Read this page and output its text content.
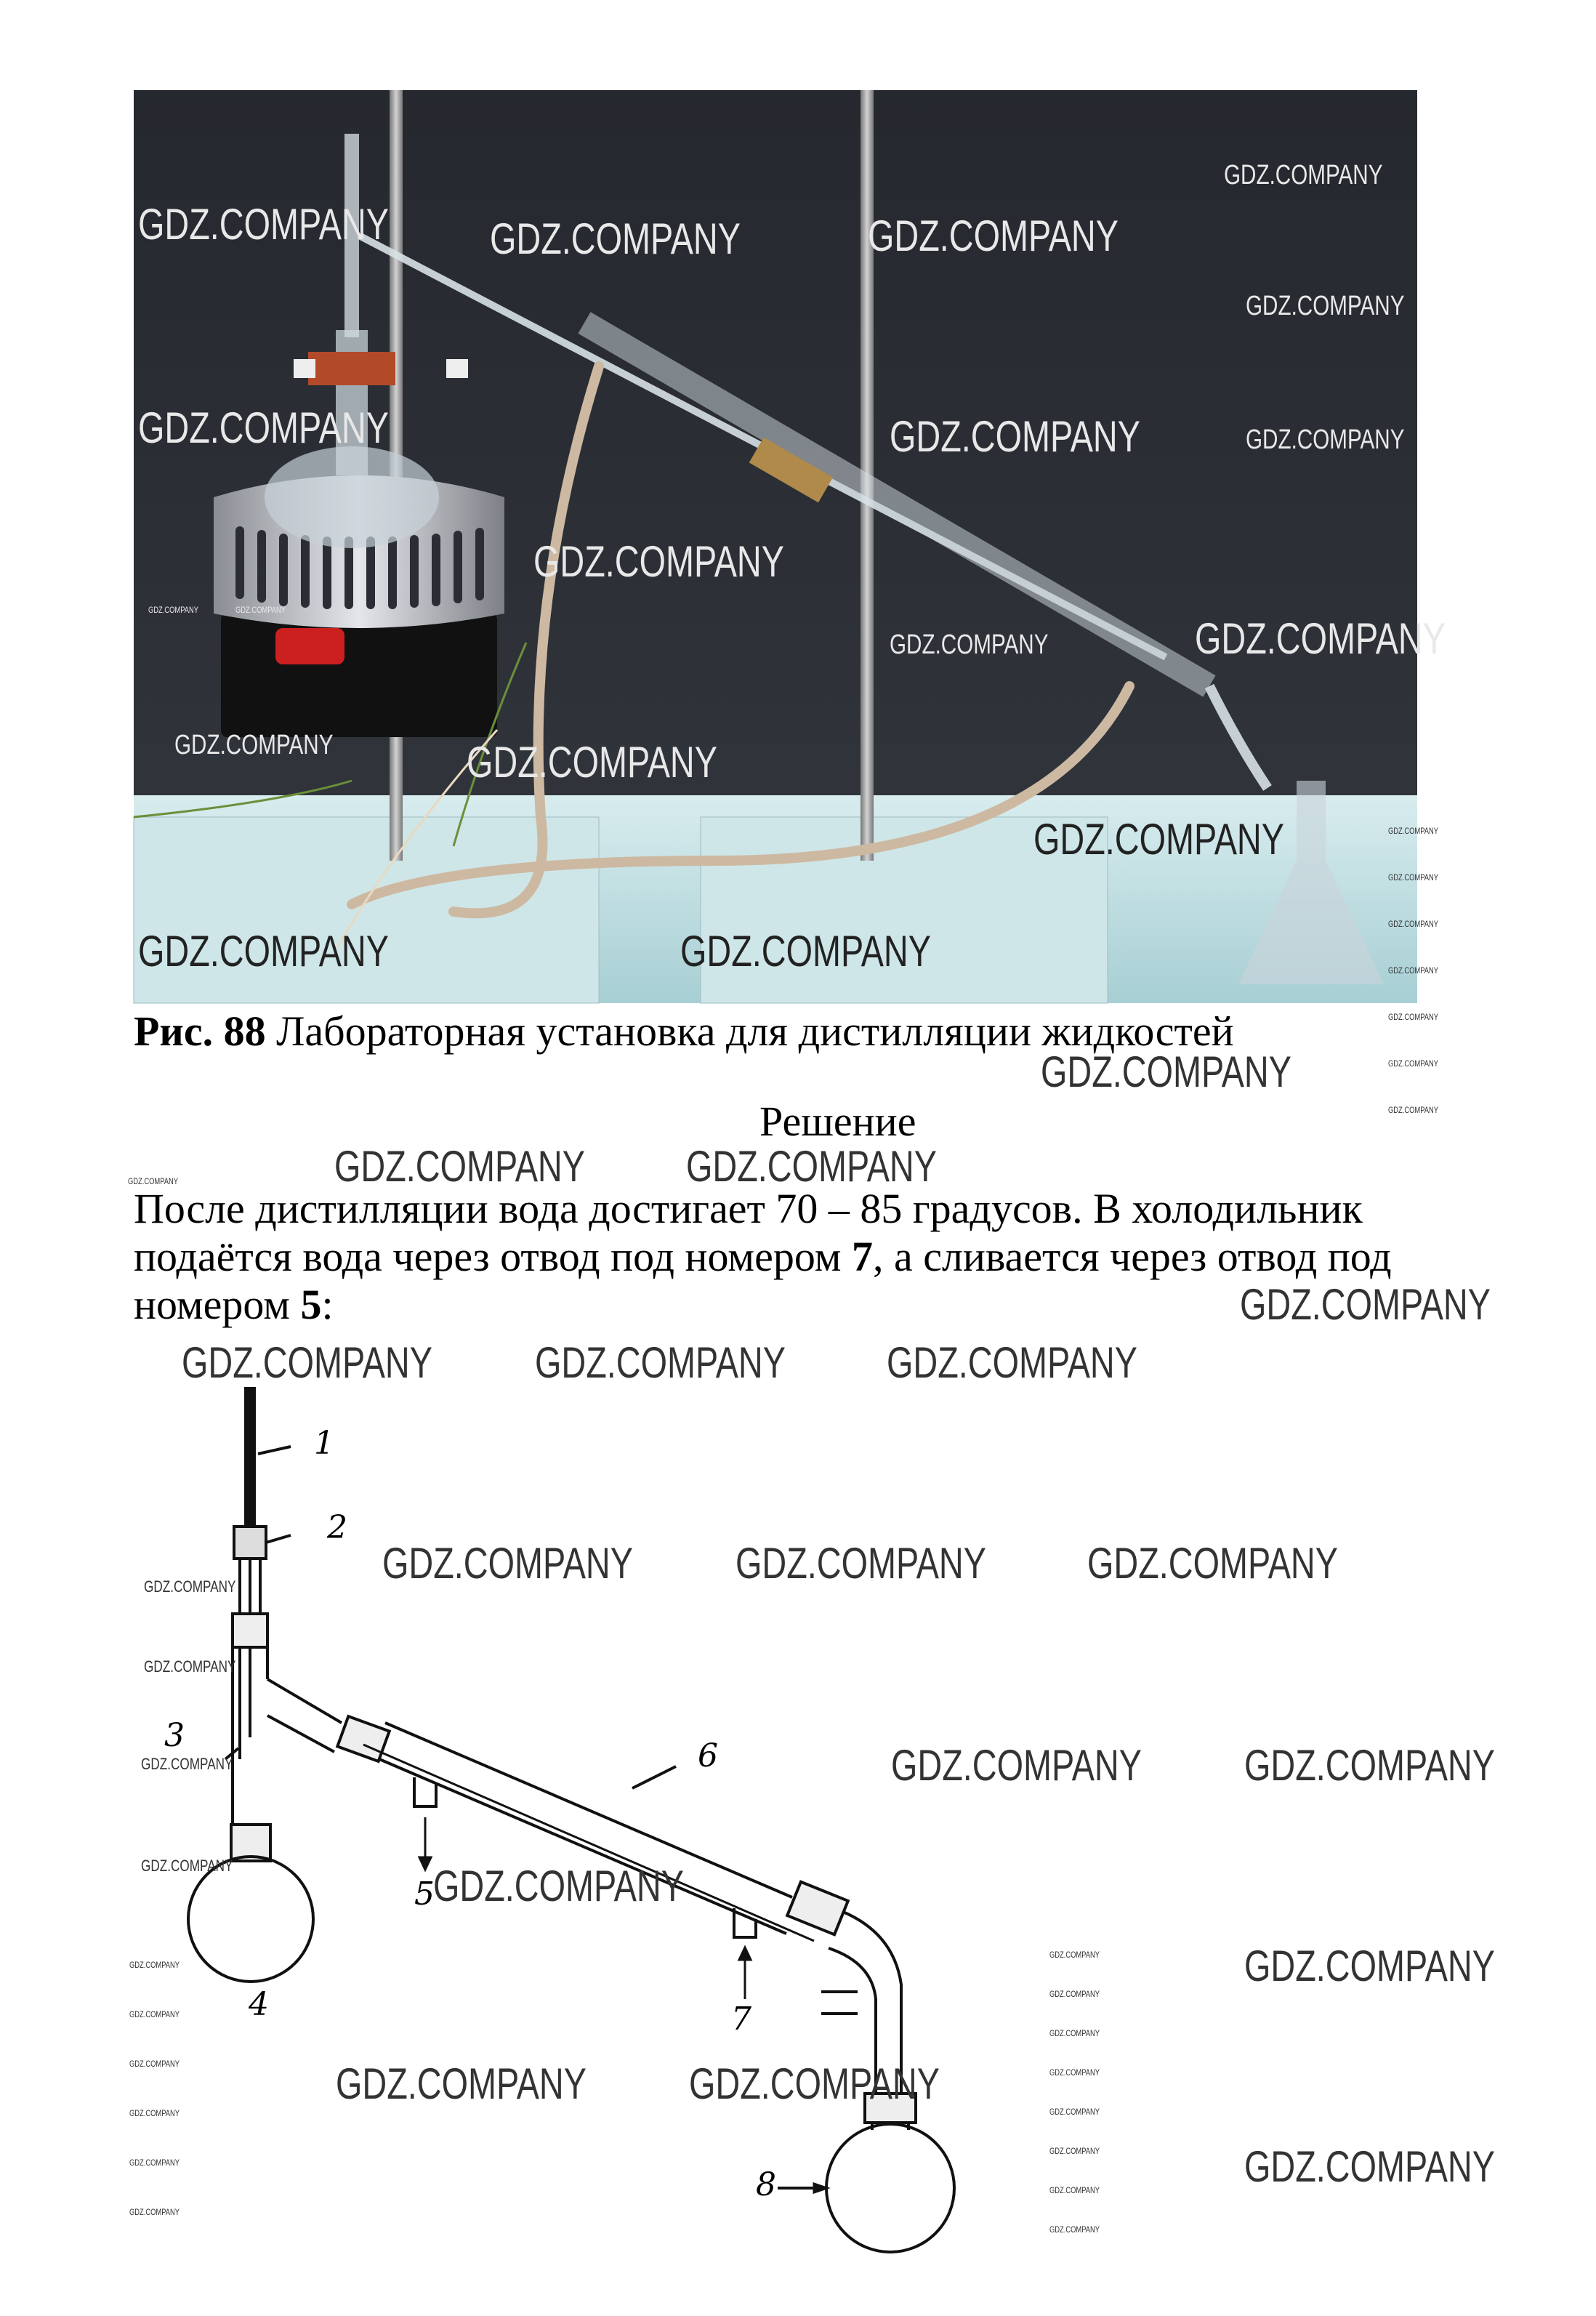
GDZ.COMPANY GDZ.COMPANY	GDZ.COMPANY
GDZ.COMPANY
GDZ.COMPANY
GDZ.COMPANY	GDZ.COMPANY	GDZ.COMPANY
GDZ.COMPANY
GDZ.COMPANY	GDZ.COMPANY
GDZ.COMPANY	GDZ.COMPANY
GDZ.COMPANY	GDZ.COMPANY
GDZ.COMPANY
GDZ.COMPANY	GDZ.COMPANY
GDZ.COMPANY
GDZ.COMPANY
GDZ.COMPANY
GDZ.COMPANY
GDZ.COMPANY
GDZ.COMPANY
GDZ.COMPANY
Рис. 88 Лабораторная установка для дистилляции жидкостей
GDZ.COMPANY
Решение
GDZ.COMPANY	GDZ.COMPANY GDZ.COMPANY
После дистилляции вода достигает 70 – 85 градусов. В холодильник подаётся вода через отвод под номером 7, а сливается через отвод под номером 5:	GDZ.COMPANY
1
2
3
4
5
6
7
8
GDZ.COMPANY GDZ.COMPANY GDZ.COMPANY
GDZ.COMPANY GDZ.COMPANY GDZ.COMPANY
GDZ.COMPANY
GDZ.COMPANY
GDZ.COMPANY	GDZ.COMPANY GDZ.COMPANY
GDZ.COMPANY	GDZ.COMPANY
GDZ.COMPANY
GDZ.COMPANY GDZ.COMPANY
GDZ.COMPANY
GDZ.COMPANY
GDZ.COMPANY
GDZ.COMPANY
GDZ.COMPANY
GDZ.COMPANY
GDZ.COMPANY
GDZ.COMPANY
GDZ.COMPANY
GDZ.COMPANY
GDZ.COMPANY
GDZ.COMPANY
GDZ.COMPANY
GDZ.COMPANY
GDZ.COMPANY
